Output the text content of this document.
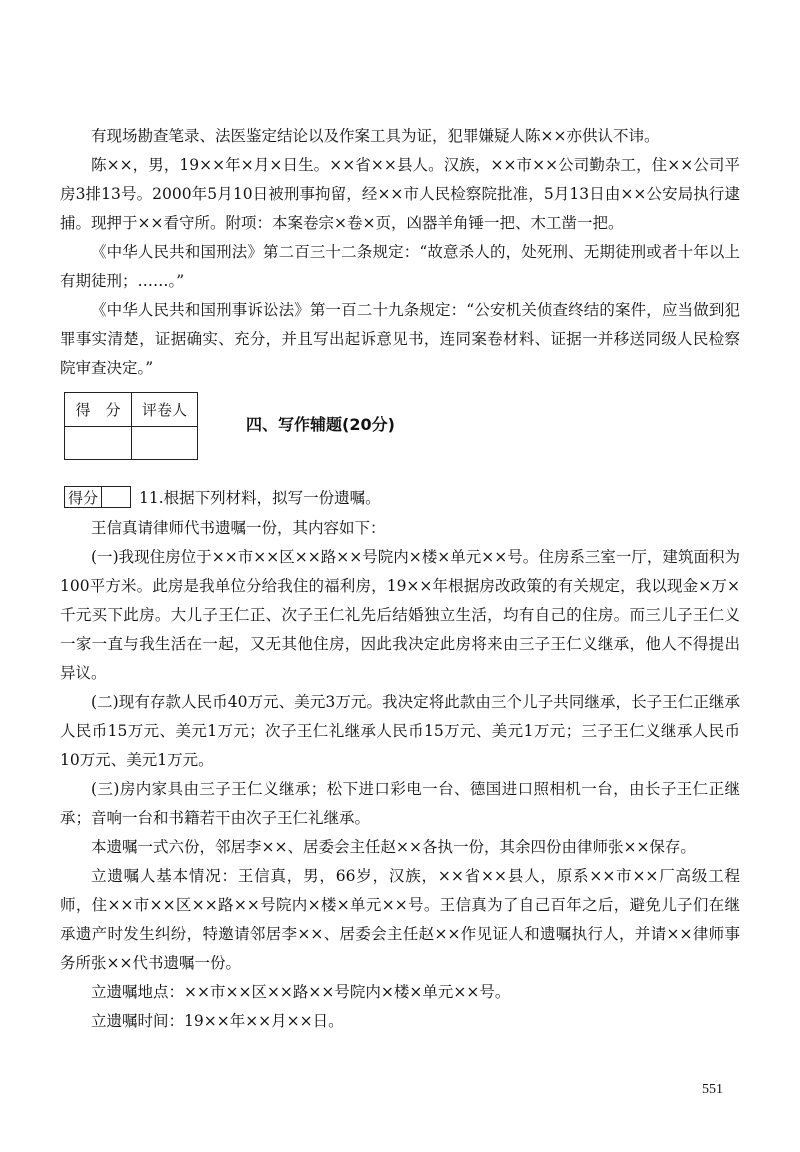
有现场勘查笔录、法医鉴定结论以及作案工具为证，犯罪嫌疑人陈××亦供认不讳。

陈××，男，19××年×月×日生。××省××县人。汉族，××市××公司勤杂工，住××公司平房3排13号。2000年5月10日被刑事拘留，经××市人民检察院批准，5月13日由××公安局执行逮捕。现押于××看守所。附项：本案卷宗×卷×页，凶器羊角锤一把、木工凿一把。

《中华人民共和国刑法》第二百三十二条规定：“故意杀人的，处死刑、无期徒刑或者十年以上有期徒刑；……。”

《中华人民共和国刑事诉讼法》第一百二十九条规定：“公安机关侦查终结的案件，应当做到犯罪事实清楚，证据确实、充分，并且写出起诉意见书，连同案卷材料、证据一并移送同级人民检察院审查决定。”

得　分	评卷人
四、写作辅题(20分)
得分	11.根据下列材料，拟写一份遗嘱。

王信真请律师代书遗嘱一份，其内容如下：

(一)我现住房位于××市××区××路××号院内×楼×单元××号。住房系三室一厅，建筑面积为100平方米。此房是我单位分给我住的福利房，19××年根据房改政策的有关规定，我以现金×万×千元买下此房。大儿子王仁正、次子王仁礼先后结婚独立生活，均有自己的住房。而三儿子王仁义一家一直与我生活在一起，又无其他住房，因此我决定此房将来由三子王仁义继承，他人不得提出异议。

(二)现有存款人民币40万元、美元3万元。我决定将此款由三个儿子共同继承，长子王仁正继承人民币15万元、美元1万元；次子王仁礼继承人民币15万元、美元1万元；三子王仁义继承人民币10万元、美元1万元。

(三)房内家具由三子王仁义继承；松下进口彩电一台、德国进口照相机一台，由长子王仁正继承；音响一台和书籍若干由次子王仁礼继承。

本遗嘱一式六份，邻居李××、居委会主任赵××各执一份，其余四份由律师张××保存。

立遗嘱人基本情况：王信真，男，66岁，汉族，××省××县人，原系××市××厂高级工程师，住××市××区××路××号院内×楼×单元××号。王信真为了自己百年之后，避免儿子们在继承遗产时发生纠纷，特邀请邻居李××、居委会主任赵××作见证人和遗嘱执行人，并请××律师事务所张××代书遗嘱一份。

立遗嘱地点：××市××区××路××号院内×楼×单元××号。

立遗嘱时间：19××年××月××日。

551
